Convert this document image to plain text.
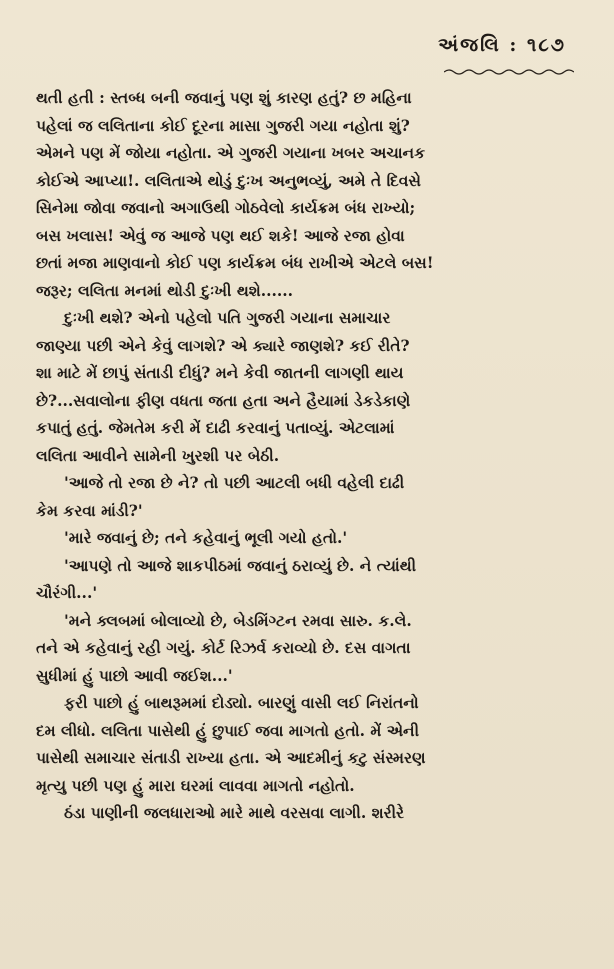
અંજલિ : ૧૮૭
થતી હતી : સ્તબ્ધ બની જવાનું પણ શું કારણ હતું? છ મહિના
પહેલાં જ લલિતાના કોઈ દૂરના માસા ગુજરી ગયા નહોતા શું?
એમને પણ મેં જોયા નહોતા. એ ગુજરી ગયાના ખબર અચાનક
કોઈએ આપ્યા!. લલિતાએ થોડું દુઃખ અનુભવ્યું, અમે તે દિવસે
સિનેમા જોવા જવાનો અગાઉથી ગોઠવેલો કાર્યક્રમ બંધ રાખ્યો;
બસ ખલાસ! એવું જ આજે પણ થઈ શકે! આજે રજા હોવા
છતાં મજા માણવાનો કોઈ પણ કાર્યક્રમ બંધ રાખીએ એટલે બસ!
જરૂર; લલિતા મનમાં થોડી દુઃખી થશે......
દુઃખી થશે? એનો પહેલો પતિ ગુજરી ગયાના સમાચાર
જાણ્યા પછી એને કેવું લાગશે? એ ક્યારે જાણશે? કઈ રીતે?
શા માટે મેં છાપું સંતાડી દીધું? મને કેવી જાતની લાગણી થાય
છે?...સવાલોના ફીણ વધતા જતા હતા અને હૈયામાં ડેકડેકાણે
કપાતું હતું. જેમતેમ કરી મેં દાઢી કરવાનું પતાવ્યું. એટલામાં
લલિતા આવીને સામેની ખુરશી પર બેઠી.
'આજે તો રજા છે ને? તો પછી આટલી બધી વહેલી દાઢી
કેમ કરવા માંડી?'
'મારે જવાનું છે; તને કહેવાનું ભૂલી ગયો હતો.'
'આપણે તો આજે શાકપીઠમાં જવાનું ઠરાવ્યું છે. ને ત્યાંથી
ચૌરંગી...'
'મને ક્લબમાં બોલાવ્યો છે, બેડમિંગ્ટન રમવા સારુ. ક.લે.
તને એ કહેવાનું રહી ગયું. કોર્ટ રિઝર્વ કરાવ્યો છે. દસ વાગતા
સુધીમાં હું પાછો આવી જઈશ...'
ફરી પાછો હું બાથરૂમમાં દોડ્યો. બારણું વાસી લઈ નિરાંતનો
દમ લીધો. લલિતા પાસેથી હું છુપાઈ જવા માગતો હતો. મેં એની
પાસેથી સમાચાર સંતાડી રાખ્યા હતા. એ આદમીનું કટુ સંસ્મરણ
મૃત્યુ પછી પણ હું મારા ઘરમાં લાવવા માગતો નહોતો.
ઠંડા પાણીની જલધારાઓ મારે માથે વરસવા લાગી. શરીરે
